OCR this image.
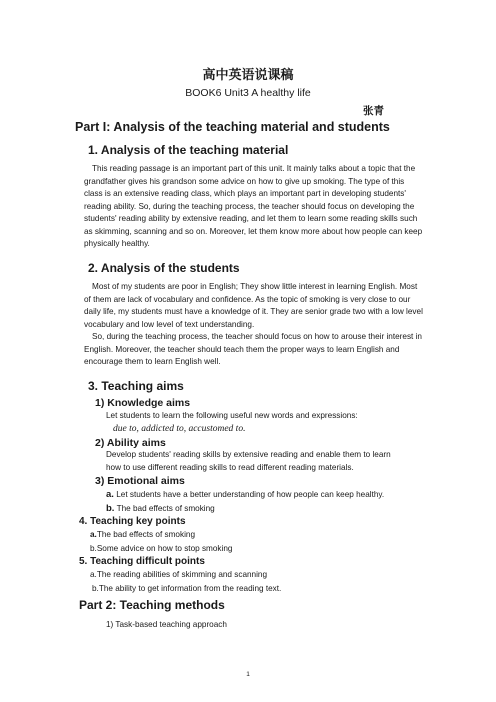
高中英语说课稿
BOOK6 Unit3 A healthy life
张青
Part I: Analysis of the teaching material and students
1. Analysis of the teaching material
This reading passage is an important part of this unit. It mainly talks about a topic that the grandfather gives his grandson some advice on how to give up smoking. The type of this class is an extensive reading class, which plays an important part in developing students' reading ability. So, during the teaching process, the teacher should focus on developing the students' reading ability by extensive reading, and let them to learn some reading skills such as skimming, scanning and so on. Moreover, let them know more about how people can keep physically healthy.
2. Analysis of the students
Most of my students are poor in English; They show little interest in learning English. Most of them are lack of vocabulary and confidence. As the topic of smoking is very close to our daily life, my students must have a knowledge of it. They are senior grade two with a low level vocabulary and low level of text understanding.
So, during the teaching process, the teacher should focus on how to arouse their interest in English. Moreover, the teacher should teach them the proper ways to learn English and encourage them to learn English well.
3. Teaching aims
1) Knowledge aims
Let students to learn the following useful new words and expressions:
due to, addicted to, accustomed to.
2) Ability aims
Develop students' reading skills by extensive reading and enable them to learn how to use different reading skills to read different reading materials.
3) Emotional aims
a. Let students have a better understanding of how people can keep healthy.
b. The bad effects of smoking
4. Teaching key points
a.The bad effects of smoking
b.Some advice on how to stop smoking
5. Teaching difficult points
a.The reading abilities of skimming and scanning
b.The ability to get information from the reading text.
Part 2: Teaching methods
1) Task-based teaching approach
1
